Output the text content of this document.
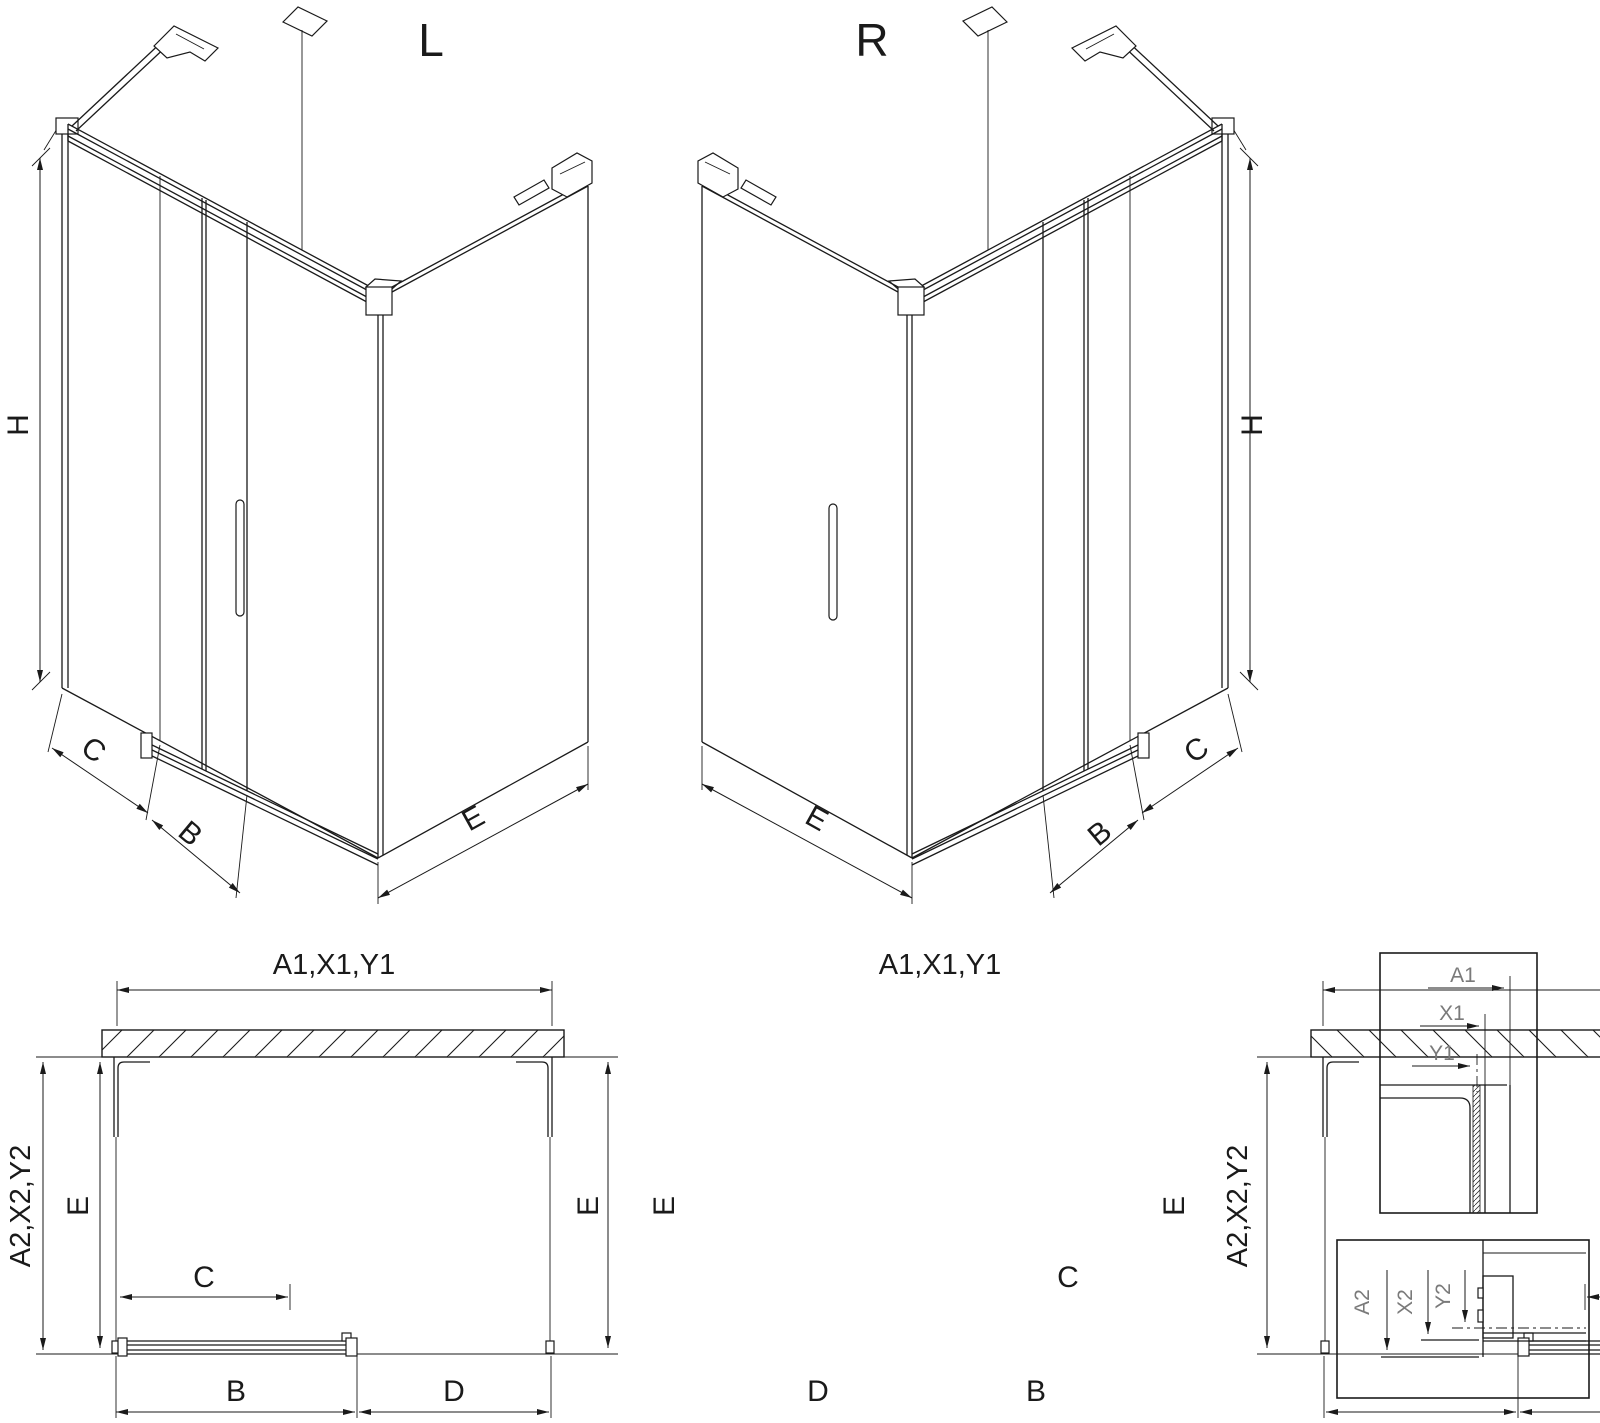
L
H
C
B	E
R
H
E	B
C
A1,X1,Y1
A2,X2,Y2 E	E
C
B	D
A1,X1,Y1
E	E A2,X2,Y2
C
D	B
A1
X1
Y1
A2 X2 Y2
